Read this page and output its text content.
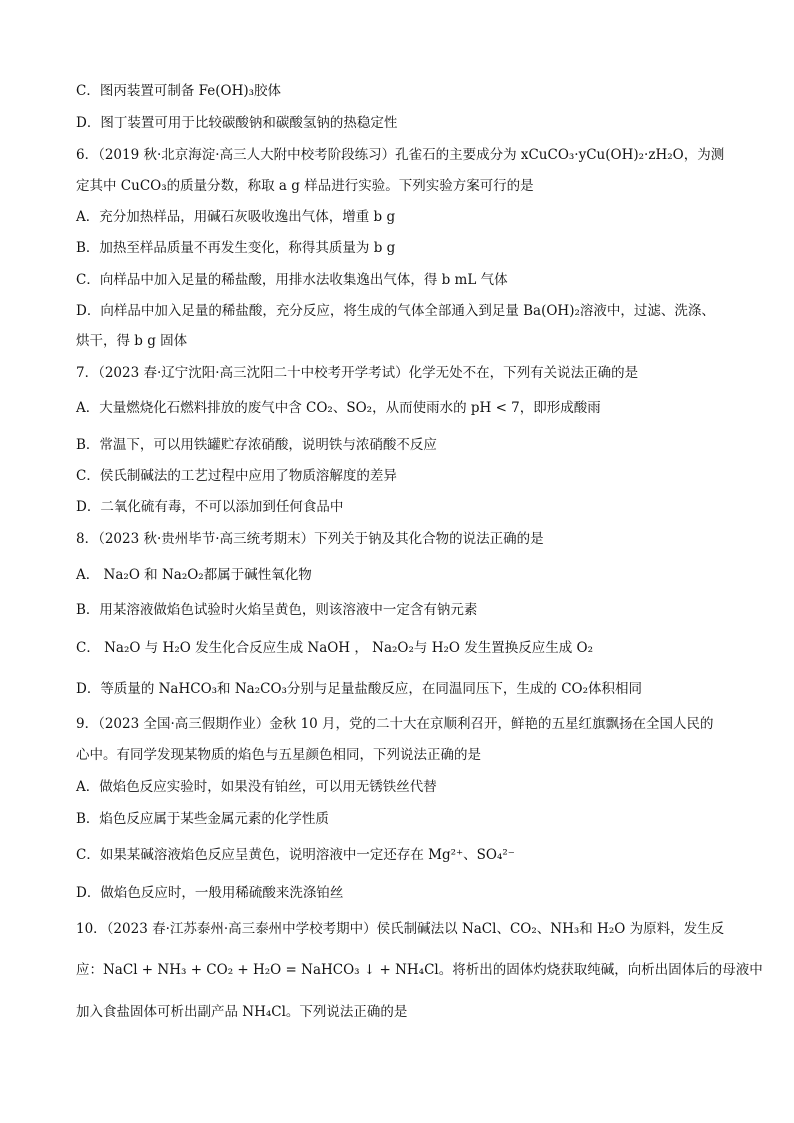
C．图丙装置可制备 Fe(OH)₃胶体
D．图丁装置可用于比较碳酸钠和碳酸氢钠的热稳定性
6．（2019 秋·北京海淀·高三人大附中校考阶段练习）孔雀石的主要成分为 xCuCO₃·yCu(OH)₂·zH₂O，为测
定其中 CuCO₃的质量分数，称取 a g 样品进行实验。下列实验方案可行的是
A．充分加热样品，用碱石灰吸收逸出气体，增重 b g
B．加热至样品质量不再发生变化，称得其质量为 b g
C．向样品中加入足量的稀盐酸，用排水法收集逸出气体，得 b mL 气体
D．向样品中加入足量的稀盐酸，充分反应，将生成的气体全部通入到足量 Ba(OH)₂溶液中，过滤、洗涤、
烘干，得 b g 固体
7．（2023 春·辽宁沈阳·高三沈阳二十中校考开学考试）化学无处不在，下列有关说法正确的是
A．大量燃烧化石燃料排放的废气中含 CO₂、SO₂，从而使雨水的 pH < 7，即形成酸雨
B．常温下，可以用铁罐贮存浓硝酸，说明铁与浓硝酸不反应
C．侯氏制碱法的工艺过程中应用了物质溶解度的差异
D．二氧化硫有毒，不可以添加到任何食品中
8．（2023 秋·贵州毕节·高三统考期末）下列关于钠及其化合物的说法正确的是
A． Na₂O 和 Na₂O₂都属于碱性氧化物
B．用某溶液做焰色试验时火焰呈黄色，则该溶液中一定含有钠元素
C． Na₂O 与 H₂O 发生化合反应生成 NaOH ， Na₂O₂与 H₂O 发生置换反应生成 O₂
D．等质量的 NaHCO₃和 Na₂CO₃分别与足量盐酸反应，在同温同压下，生成的 CO₂体积相同
9．（2023 全国·高三假期作业）金秋 10 月，党的二十大在京顺利召开，鲜艳的五星红旗飘扬在全国人民的
心中。有同学发现某物质的焰色与五星颜色相同，下列说法正确的是
A．做焰色反应实验时，如果没有铂丝，可以用无锈铁丝代替
B．焰色反应属于某些金属元素的化学性质
C．如果某碱溶液焰色反应呈黄色，说明溶液中一定还存在 Mg²⁺、SO₄²⁻
D．做焰色反应时，一般用稀硫酸来洗涤铂丝
10．（2023 春·江苏泰州·高三泰州中学校考期中）侯氏制碱法以 NaCl、CO₂、NH₃和 H₂O 为原料，发生反
应：NaCl + NH₃ + CO₂ + H₂O = NaHCO₃ ↓ + NH₄Cl。将析出的固体灼烧获取纯碱，向析出固体后的母液中
加入食盐固体可析出副产品 NH₄Cl。下列说法正确的是
